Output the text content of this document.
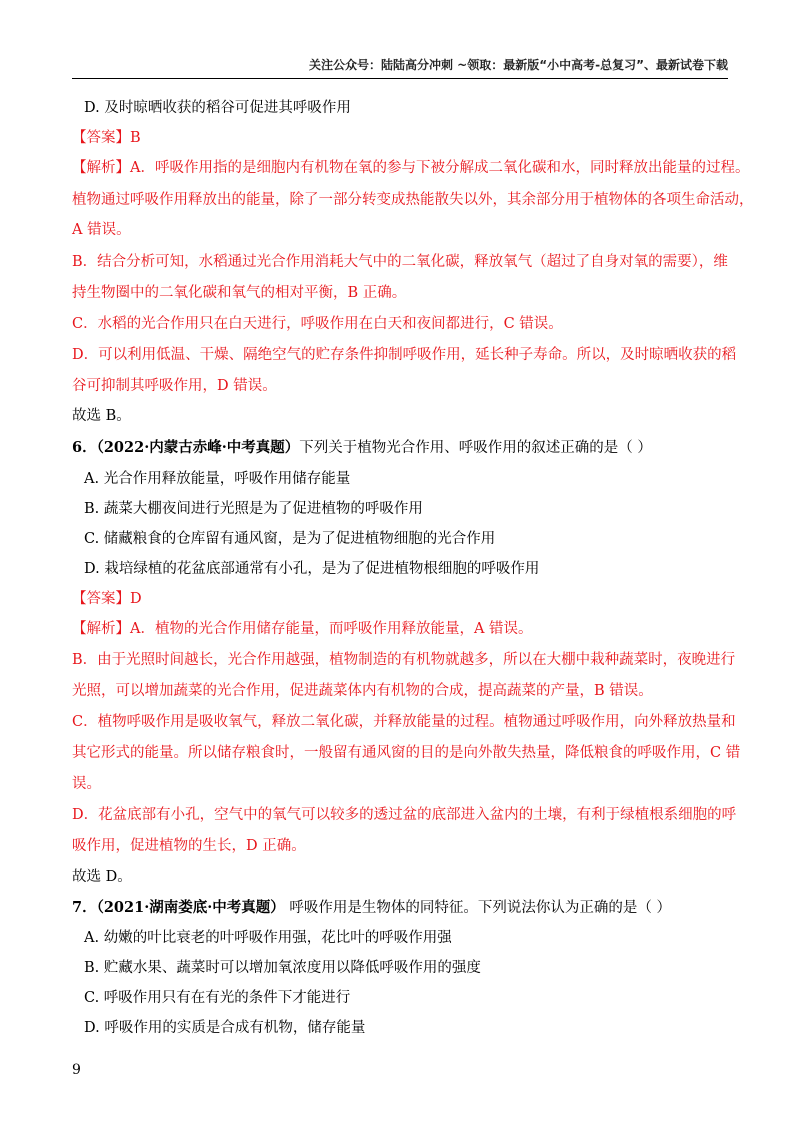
关注公众号：陆陆高分冲刺 ~领取：最新版“小中高考-总复习”、最新试卷下载
D. 及时晾晒收获的稻谷可促进其呼吸作用
【答案】B
【解析】A．呼吸作用指的是细胞内有机物在氧的参与下被分解成二氧化碳和水，同时释放出能量的过程。
植物通过呼吸作用释放出的能量，除了一部分转变成热能散失以外，其余部分用于植物体的各项生命活动，
A 错误。
B．结合分析可知，水稻通过光合作用消耗大气中的二氧化碳，释放氧气（超过了自身对氧的需要），维
持生物圈中的二氧化碳和氧气的相对平衡，B 正确。
C．水稻的光合作用只在白天进行，呼吸作用在白天和夜间都进行，C 错误。
D．可以利用低温、干燥、隔绝空气的贮存条件抑制呼吸作用，延长种子寿命。所以，及时晾晒收获的稻
谷可抑制其呼吸作用，D 错误。
故选 B。
6．（2022·内蒙古赤峰·中考真题）下列关于植物光合作用、呼吸作用的叙述正确的是（ ）
A. 光合作用释放能量，呼吸作用储存能量
B. 蔬菜大棚夜间进行光照是为了促进植物的呼吸作用
C. 储藏粮食的仓库留有通风窗，是为了促进植物细胞的光合作用
D. 栽培绿植的花盆底部通常有小孔，是为了促进植物根细胞的呼吸作用
【答案】D
【解析】A．植物的光合作用储存能量，而呼吸作用释放能量，A 错误。
B．由于光照时间越长，光合作用越强，植物制造的有机物就越多，所以在大棚中栽种蔬菜时，夜晚进行
光照，可以增加蔬菜的光合作用，促进蔬菜体内有机物的合成，提高蔬菜的产量，B 错误。
C．植物呼吸作用是吸收氧气，释放二氧化碳，并释放能量的过程。植物通过呼吸作用，向外释放热量和
其它形式的能量。所以储存粮食时，一般留有通风窗的目的是向外散失热量，降低粮食的呼吸作用，C 错
误。
D．花盆底部有小孔，空气中的氧气可以较多的透过盆的底部进入盆内的土壤，有利于绿植根系细胞的呼
吸作用，促进植物的生长，D 正确。
故选 D。
7．（2021·湖南娄底·中考真题） 呼吸作用是生物体的同特征。下列说法你认为正确的是（ ）
A. 幼嫩的叶比衰老的叶呼吸作用强，花比叶的呼吸作用强
B. 贮藏水果、蔬菜时可以增加氧浓度用以降低呼吸作用的强度
C. 呼吸作用只有在有光的条件下才能进行
D. 呼吸作用的实质是合成有机物，储存能量
9
